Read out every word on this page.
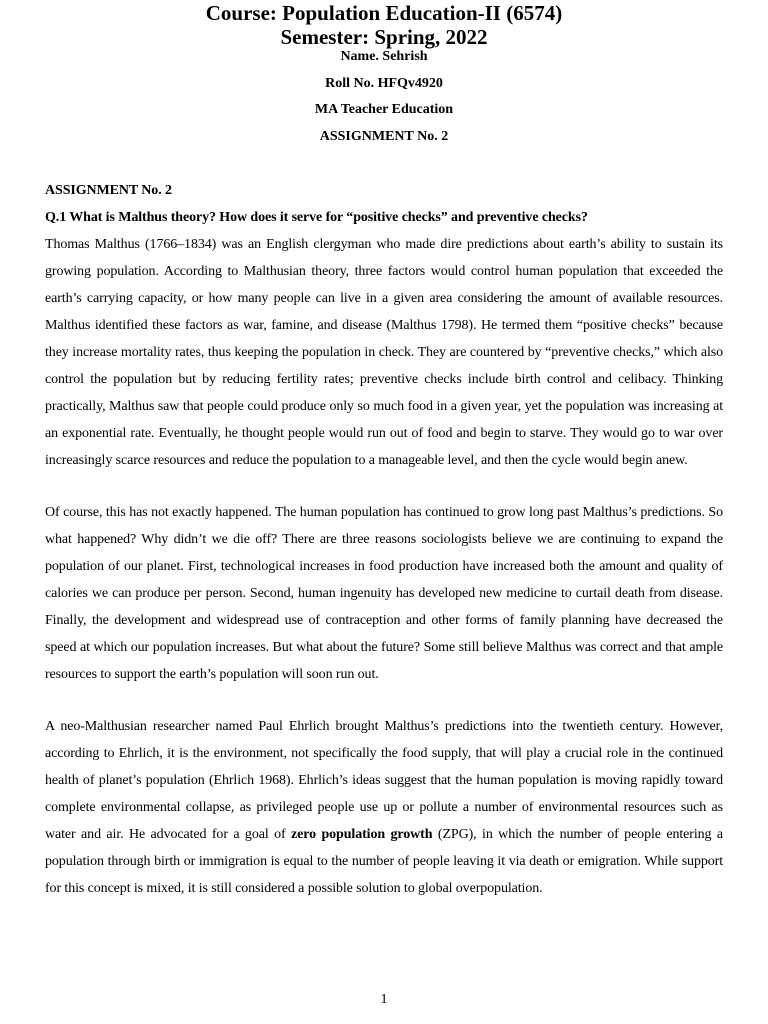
Course: Population Education-II (6574)
Semester: Spring, 2022
Name. Sehrish
Roll No. HFQv4920
MA Teacher Education
ASSIGNMENT No. 2
ASSIGNMENT No. 2
Q.1 What is Malthus theory? How does it serve for “positive checks” and preventive checks?

Thomas Malthus (1766–1834) was an English clergyman who made dire predictions about earth’s ability to sustain its growing population. According to Malthusian theory, three factors would control human population that exceeded the earth’s carrying capacity, or how many people can live in a given area considering the amount of available resources. Malthus identified these factors as war, famine, and disease (Malthus 1798). He termed them “positive checks” because they increase mortality rates, thus keeping the population in check. They are countered by “preventive checks,” which also control the population but by reducing fertility rates; preventive checks include birth control and celibacy. Thinking practically, Malthus saw that people could produce only so much food in a given year, yet the population was increasing at an exponential rate. Eventually, he thought people would run out of food and begin to starve. They would go to war over increasingly scarce resources and reduce the population to a manageable level, and then the cycle would begin anew.

Of course, this has not exactly happened. The human population has continued to grow long past Malthus’s predictions. So what happened? Why didn’t we die off? There are three reasons sociologists believe we are continuing to expand the population of our planet. First, technological increases in food production have increased both the amount and quality of calories we can produce per person. Second, human ingenuity has developed new medicine to curtail death from disease. Finally, the development and widespread use of contraception and other forms of family planning have decreased the speed at which our population increases. But what about the future? Some still believe Malthus was correct and that ample resources to support the earth’s population will soon run out.

A neo-Malthusian researcher named Paul Ehrlich brought Malthus’s predictions into the twentieth century. However, according to Ehrlich, it is the environment, not specifically the food supply, that will play a crucial role in the continued health of planet’s population (Ehrlich 1968). Ehrlich’s ideas suggest that the human population is moving rapidly toward complete environmental collapse, as privileged people use up or pollute a number of environmental resources such as water and air. He advocated for a goal of zero population growth (ZPG), in which the number of people entering a population through birth or immigration is equal to the number of people leaving it via death or emigration. While support for this concept is mixed, it is still considered a possible solution to global overpopulation.

1
